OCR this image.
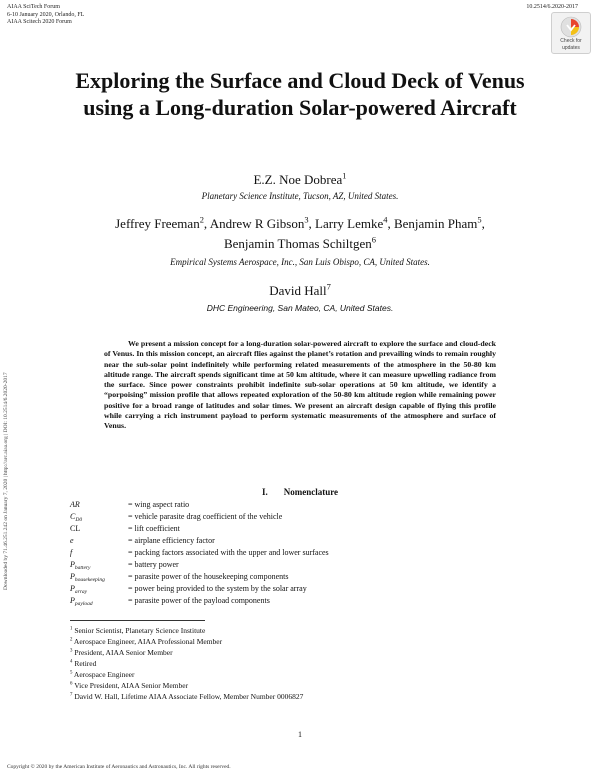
AIAA SciTech Forum
6-10 January 2020, Orlando, FL
AIAA Scitech 2020 Forum
10.2514/6.2020-2017
Check for
updates
Exploring the Surface and Cloud Deck of Venus using a Long-duration Solar-powered Aircraft
E.Z. Noe Dobrea$^1$
Planetary Science Institute, Tucson, AZ, United States.
Jeffrey Freeman$^2$, Andrew R Gibson$^3$, Larry Lemke$^4$, Benjamin Pham$^5$,
Benjamin Thomas Schiltgen$^6$
Empirical Systems Aerospace, Inc., San Luis Obispo, CA, United States.
David Hall$^7$
DHC Engineering, San Mateo, CA, United States.
We present a mission concept for a long-duration solar-powered aircraft to explore the surface and cloud-deck of Venus. In this mission concept, an aircraft flies against the planet’s rotation and prevailing winds to remain roughly near the sub-solar point indefinitely while performing related measurements of the atmosphere in the 50-80 km altitude range. The aircraft spends significant time at 50 km altitude, where it can measure upwelling radiance from the surface. Since power constraints prohibit indefinite sub-solar operations at 50 km altitude, we identify a “porpoising” mission profile that allows repeated exploration of the 50-80 km altitude region while remaining power positive for a broad range of latitudes and solar times. We present an aircraft design capable of flying this profile while carrying a rich instrument payload to perform systematic measurements of the atmosphere and surface of Venus.
I. Nomenclature
AR	= wing aspect ratio
$C_{D0}$	= vehicle parasite drag coefficient of the vehicle
CL	= lift coefficient
e	= airplane efficiency factor
f	= packing factors associated with the upper and lower surfaces
$P_{battery}$	= battery power
$P_{housekeeping}$	= parasite power of the housekeeping components
$P_{array}$	= power being provided to the system by the solar array
$P_{payload}$	= parasite power of the payload components
$^1$ Senior Scientist, Planetary Science Institute
$^2$ Aerospace Engineer, AIAA Professional Member
$^3$ President, AIAA Senior Member
$^4$ Retired
$^5$ Aerospace Engineer
$^6$ Vice President, AIAA Senior Member
$^7$ David W. Hall, Lifetime AIAA Associate Fellow, Member Number 0006827
1
Copyright © 2020 by the American Institute of Aeronautics and Astronautics, Inc. All rights reserved.
Downloaded by 71.46.251.242 on January 7, 2020 | http://arc.aiaa.org | DOI: 10.2514/6.2020-2017
